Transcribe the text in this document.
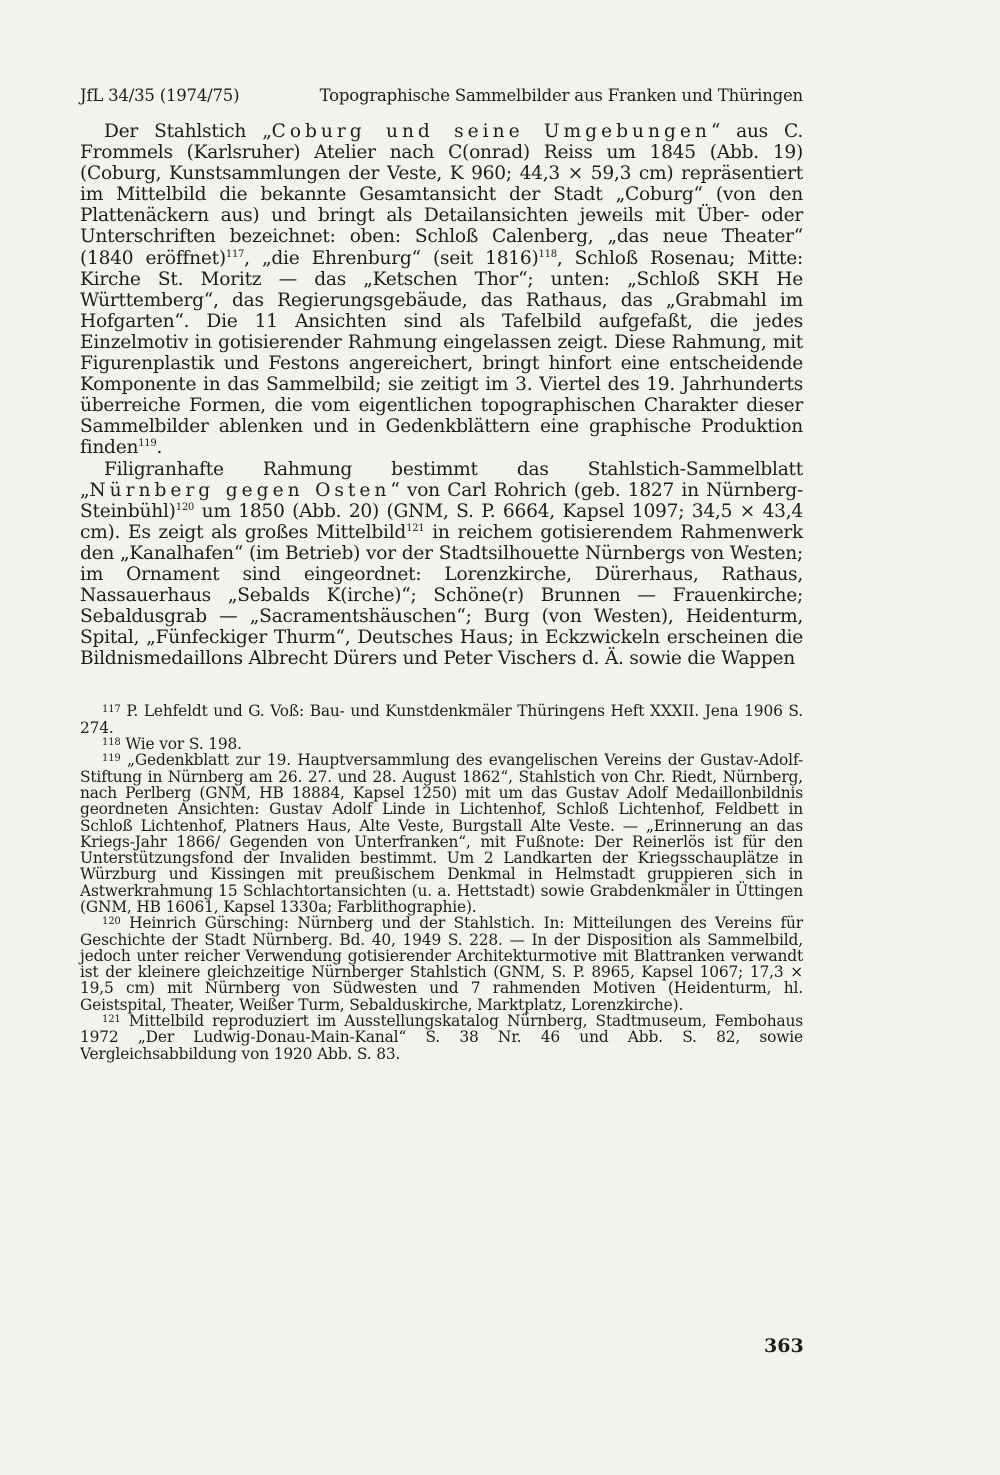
JfL 34/35 (1974/75)	Topographische Sammelbilder aus Franken und Thüringen

Der Stahlstich „Coburg und seine Umgebungen“ aus C. Frommels (Karlsruher) Atelier nach C(onrad) Reiss um 1845 (Abb. 19) (Coburg, Kunstsammlungen der Veste, K 960; 44,3 × 59,3 cm) repräsentiert im Mittelbild die bekannte Gesamtansicht der Stadt „Coburg“ (von den Plattenäckern aus) und bringt als Detailansichten jeweils mit Über- oder Unterschriften bezeichnet: oben: Schloß Calenberg, „das neue Theater“ (1840 eröffnet)$^{117}$, „die Ehrenburg“ (seit 1816)$^{118}$, Schloß Rosenau; Mitte: Kirche St. Moritz — das „Ketschen Thor“; unten: „Schloß SKH He Württemberg“, das Regierungsgebäude, das Rathaus, das „Grabmahl im Hofgarten“. Die 11 Ansichten sind als Tafelbild aufgefaßt, die jedes Einzelmotiv in gotisierender Rahmung eingelassen zeigt. Diese Rahmung, mit Figurenplastik und Festons angereichert, bringt hinfort eine entscheidende Komponente in das Sammelbild; sie zeitigt im 3. Viertel des 19. Jahrhunderts überreiche Formen, die vom eigentlichen topographischen Charakter dieser Sammelbilder ablenken und in Gedenkblättern eine graphische Produktion finden$^{119}$.

Filigranhafte Rahmung bestimmt das Stahlstich-Sammelblatt „Nürnberg gegen Osten“ von Carl Rohrich (geb. 1827 in Nürnberg-Steinbühl)$^{120}$ um 1850 (Abb. 20) (GNM, S. P. 6664, Kapsel 1097; 34,5 × 43,4 cm). Es zeigt als großes Mittelbild$^{121}$ in reichem gotisierendem Rahmenwerk den „Kanalhafen“ (im Betrieb) vor der Stadtsilhouette Nürnbergs von Westen; im Ornament sind eingeordnet: Lorenzkirche, Dürerhaus, Rathaus, Nassauerhaus „Sebalds K(irche)“; Schöne(r) Brunnen — Frauenkirche; Sebaldusgrab — „Sacramentshäuschen“; Burg (von Westen), Heidenturm, Spital, „Fünfeckiger Thurm“, Deutsches Haus; in Eckzwickeln erscheinen die Bildnismedaillons Albrecht Dürers und Peter Vischers d. Ä. sowie die Wappen

$^{117}$ P. Lehfeldt und G. Voß: Bau- und Kunstdenkmäler Thüringens Heft XXXII. Jena 1906 S. 274.

$^{118}$ Wie vor S. 198.

$^{119}$ „Gedenkblatt zur 19. Hauptversammlung des evangelischen Vereins der Gustav-Adolf-Stiftung in Nürnberg am 26. 27. und 28. August 1862“, Stahlstich von Chr. Riedt, Nürnberg, nach Perlberg (GNM, HB 18884, Kapsel 1250) mit um das Gustav Adolf Medaillonbildnis geordneten Ansichten: Gustav Adolf Linde in Lichtenhof, Schloß Lichtenhof, Feldbett in Schloß Lichtenhof, Platners Haus, Alte Veste, Burgstall Alte Veste. — „Erinnerung an das Kriegs-Jahr 1866/ Gegenden von Unterfranken“, mit Fußnote: Der Reinerlös ist für den Unterstützungsfond der Invaliden bestimmt. Um 2 Landkarten der Kriegsschauplätze in Würzburg und Kissingen mit preußischem Denkmal in Helmstadt gruppieren sich in Astwerkrahmung 15 Schlachtortansichten (u. a. Hettstadt) sowie Grabdenkmäler in Üttingen (GNM, HB 16061, Kapsel 1330a; Farblithographie).

$^{120}$ Heinrich Gürsching: Nürnberg und der Stahlstich. In: Mitteilungen des Vereins für Geschichte der Stadt Nürnberg. Bd. 40, 1949 S. 228. — In der Disposition als Sammelbild, jedoch unter reicher Verwendung gotisierender Architekturmotive mit Blattranken verwandt ist der kleinere gleichzeitige Nürnberger Stahlstich (GNM, S. P. 8965, Kapsel 1067; 17,3 × 19,5 cm) mit Nürnberg von Südwesten und 7 rahmenden Motiven (Heidenturm, hl. Geistspital, Theater, Weißer Turm, Sebalduskirche, Marktplatz, Lorenzkirche).

$^{121}$ Mittelbild reproduziert im Ausstellungskatalog Nürnberg, Stadtmuseum, Fembohaus 1972 „Der Ludwig-Donau-Main-Kanal“ S. 38 Nr. 46 und Abb. S. 82, sowie Vergleichsabbildung von 1920 Abb. S. 83.

363
